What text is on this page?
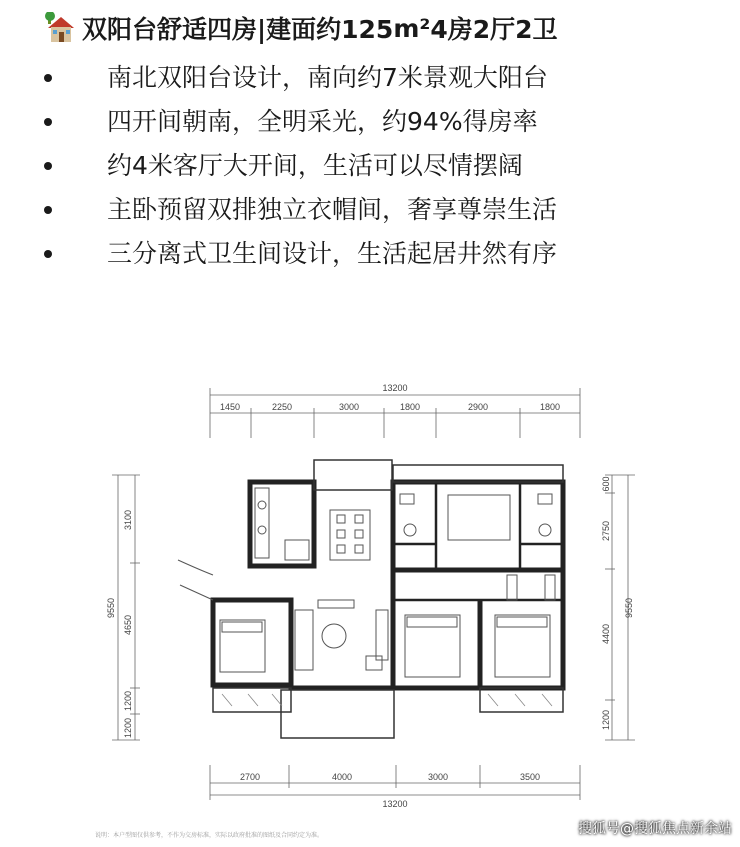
双阳台舒适四房|建面约125 m² 4房2厅2卫
南北双阳台设计，南向约7米景观大阳台
四开间朝南，全明采光，约94%得房率
约4米客厅大开间，生活可以尽情摆阔
主卧预留双排独立衣帽间，奢享尊崇生活
三分离式卫生间设计，生活起居井然有序
13200
1450	2250	3000	1800	2900	1800
2700	4000	3000	3500
13200
9550
3100
4650
1200
1200
600
2750
4400
1200
9550
说明：本户型图仅供参考，不作为交房标准，实际以政府批准的图纸及合同约定为准。	搜狐号@搜狐焦点新余站
